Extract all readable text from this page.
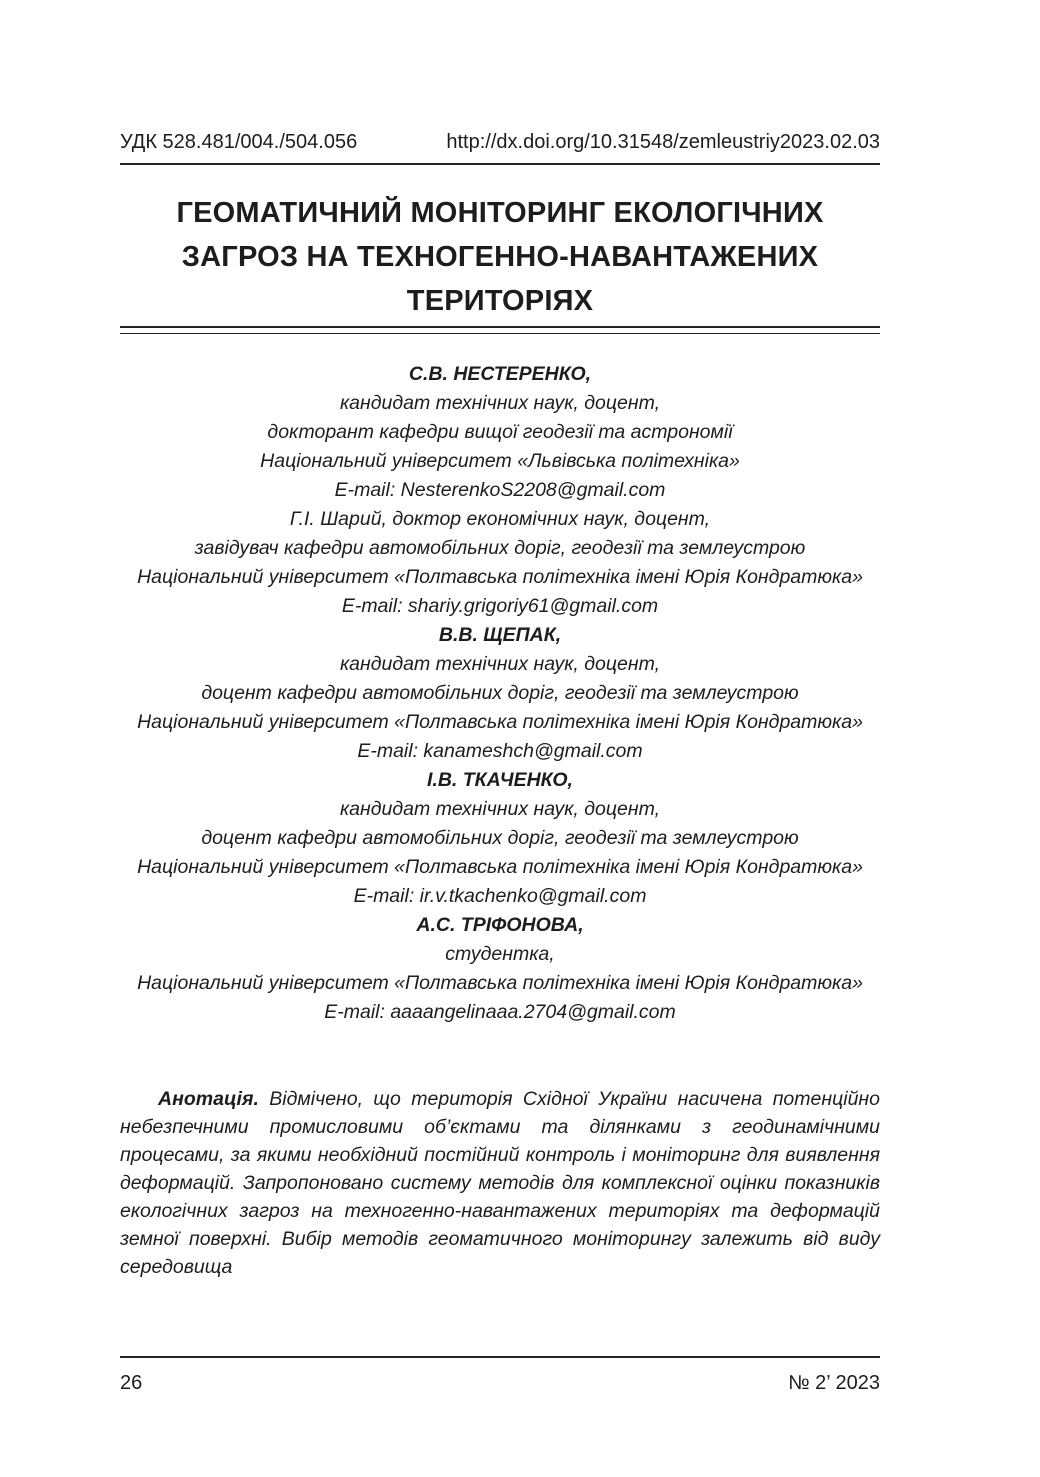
УДК 528.481/004./504.056	http://dx.doi.org/10.31548/zemleustriy2023.02.03
ГЕОМАТИЧНИЙ МОНІТОРИНГ ЕКОЛОГІЧНИХ
ЗАГРОЗ НА ТЕХНОГЕННО-НАВАНТАЖЕНИХ
ТЕРИТОРІЯХ
С.В. НЕСТЕРЕНКО,
кандидат технічних наук, доцент,
докторант кафедри вищої геодезії та астрономії
Національний університет «Львівська політехніка»
E-mail: NesterenkoS2208@gmail.com
Г.І. Шарий, доктор економічних наук, доцент,
завідувач кафедри автомобільних доріг, геодезії та землеустрою
Національний університет «Полтавська політехніка імені Юрія Кондратюка»
E-mail: shariy.grigoriy61@gmail.com
В.В. ЩЕПАК,
кандидат технічних наук, доцент,
доцент кафедри автомобільних доріг, геодезії та землеустрою
Національний університет «Полтавська політехніка імені Юрія Кондратюка»
E-mail: kanameshch@gmail.com
І.В. ТКАЧЕНКО,
кандидат технічних наук, доцент,
доцент кафедри автомобільних доріг, геодезії та землеустрою
Національний університет «Полтавська політехніка імені Юрія Кондратюка»
E-mail: ir.v.tkachenko@gmail.com
А.С. ТРІФОНОВА,
студентка,
Національний університет «Полтавська політехніка імені Юрія Кондратюка»
E-mail: aaaangelinaaa.2704@gmail.com

Анотація. Відмічено, що територія Східної України насичена потенційно небезпечними промисловими об’єктами та ділянками з геодинамічними процесами, за якими необхідний постійний контроль і моніторинг для виявлення деформацій. Запропоновано систему методів для комплексної оцінки показників екологічних загроз на техногенно-навантажених територіях та деформацій земної поверхні. Вибір методів геоматичного моніторингу залежить від виду середовища

26	№ 2’ 2023
